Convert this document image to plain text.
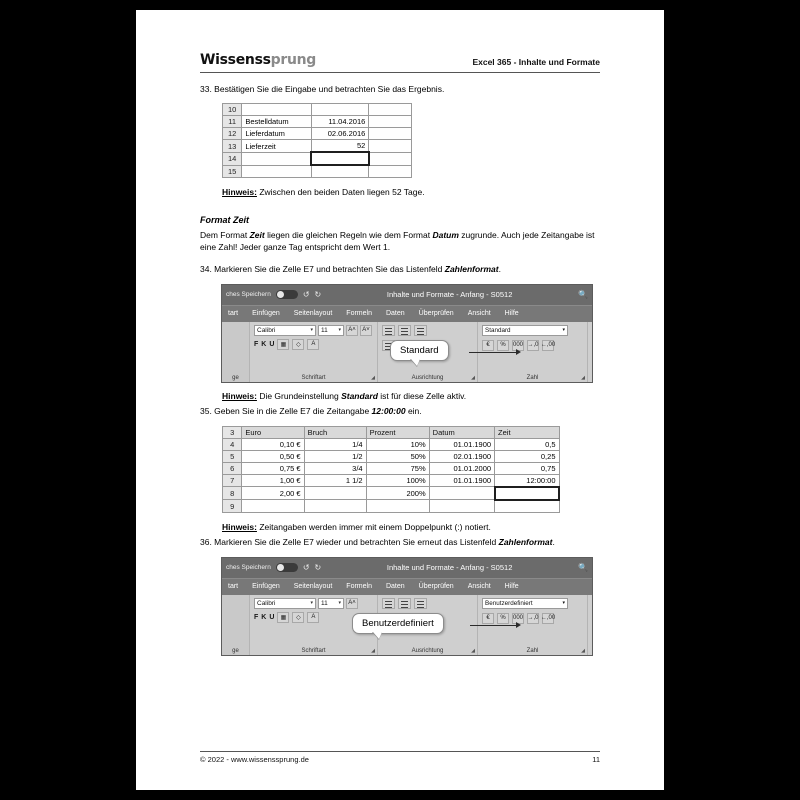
Wissenssprung	Excel 365 - Inhalte und Formate
33. Bestätigen Sie die Eingabe und betrachten Sie das Ergebnis.
10			
11	Bestelldatum	11.04.2016	
12	Lieferdatum	02.06.2016	
13	Lieferzeit	52	
14			
15			
Hinweis: Zwischen den beiden Daten liegen 52 Tage.
Format Zeit

Dem Format Zeit liegen die gleichen Regeln wie dem Format Datum zugrunde. Auch jede Zeitangabe ist eine Zahl! Jeder ganze Tag entspricht dem Wert 1.

34. Markieren Sie die Zelle E7 und betrachten Sie das Listenfeld Zahlenformat.
ches Speichern	↺ ↻	Inhalte und Formate - Anfang - S0512	🔍
tart Einfügen Seitenlayout Formeln Daten Überprüfen Ansicht Hilfe
ge
Calibri	▾ 11 ▾	A˄	A˅
F K U	▦	◇	A
Schriftart	◢	Ausrichtung	◢
Standard	▾
€	%	000 →,0 ←,00
Zahl	◢
Standard
Hinweis: Die Grundeinstellung Standard ist für diese Zelle aktiv.
35. Geben Sie in die Zelle E7 die Zeitangabe 12:00:00 ein.
3	Euro	Bruch	Prozent	Datum	Zeit
4	0,10 €	1/4	10%	01.01.1900	0,5
5	0,50 €	1/2	50%	02.01.1900	0,25
6	0,75 €	3/4	75%	01.01.2000	0,75
7	1,00 €	1 1/2	100%	01.01.1900	12:00:00
8	2,00 €		200%		
9					
Hinweis: Zeitangaben werden immer mit einem Doppelpunkt (:) notiert.
36. Markieren Sie die Zelle E7 wieder und betrachten Sie erneut das Listenfeld Zahlenformat.
ches Speichern	↺ ↻	Inhalte und Formate - Anfang - S0512	🔍
tart Einfügen Seitenlayout Formeln Daten Überprüfen Ansicht Hilfe
ge
Calibri	▾ 11 ▾	A˄
F K U	▦	◇	A
Schriftart	◢	Ausrichtung	◢
Benutzerdefiniert	▾
€	%	000 →,0 ←,00
Zahl	◢
Benutzerdefiniert
© 2022 - www.wissenssprung.de	11
